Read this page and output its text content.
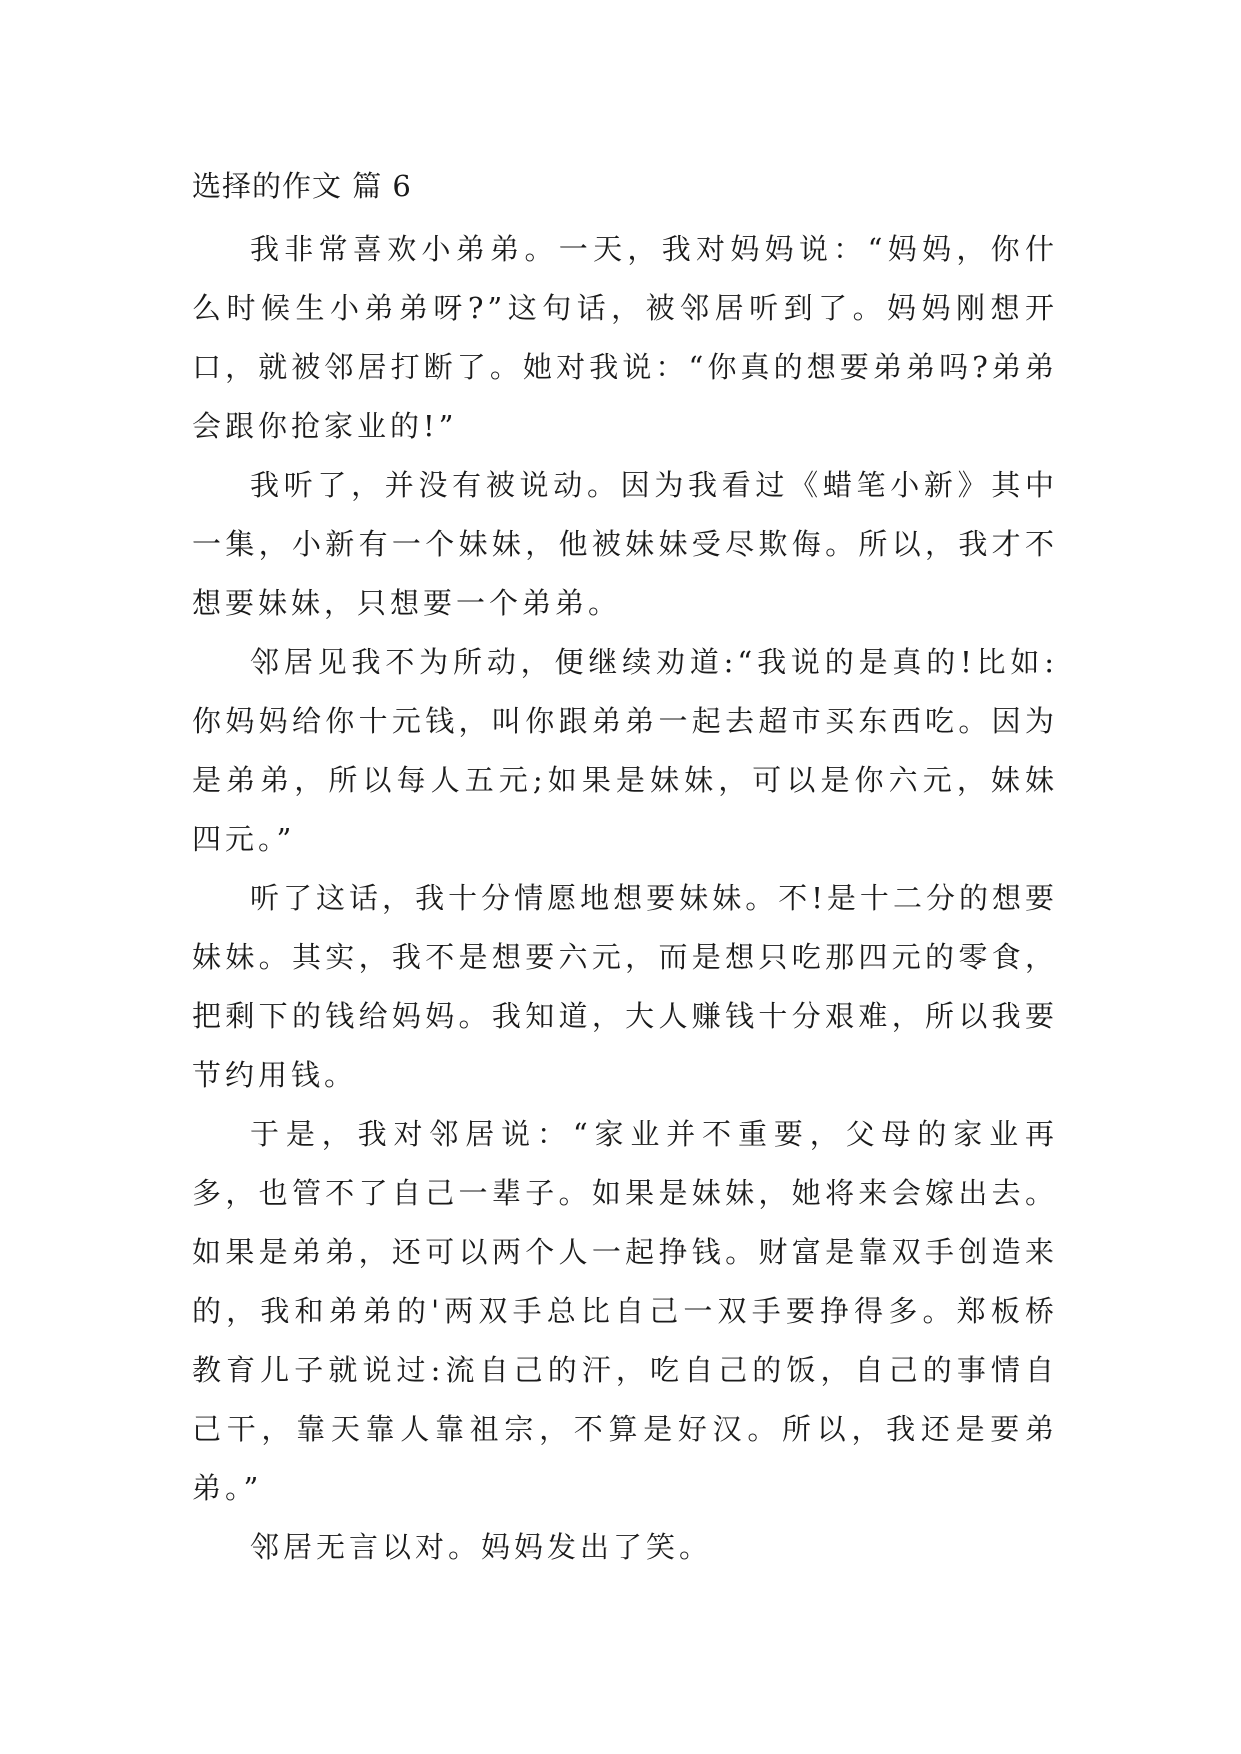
选择的作文 篇 6

我非常喜欢小弟弟。一天，我对妈妈说：“妈妈，你什么时候生小弟弟呀?”这句话，被邻居听到了。妈妈刚想开口，就被邻居打断了。她对我说：“你真的想要弟弟吗?弟弟会跟你抢家业的!”

我听了，并没有被说动。因为我看过《蜡笔小新》其中一集，小新有一个妹妹，他被妹妹受尽欺侮。所以，我才不想要妹妹，只想要一个弟弟。

邻居见我不为所动，便继续劝道:“我说的是真的!比如:你妈妈给你十元钱，叫你跟弟弟一起去超市买东西吃。因为是弟弟，所以每人五元;如果是妹妹，可以是你六元，妹妹四元。”

听了这话，我十分情愿地想要妹妹。不!是十二分的想要妹妹。其实，我不是想要六元，而是想只吃那四元的零食，把剩下的钱给妈妈。我知道，大人赚钱十分艰难，所以我要节约用钱。

于是，我对邻居说：“家业并不重要，父母的家业再多，也管不了自己一辈子。如果是妹妹，她将来会嫁出去。如果是弟弟，还可以两个人一起挣钱。财富是靠双手创造来的，我和弟弟的'两双手总比自己一双手要挣得多。郑板桥教育儿子就说过:流自己的汗，吃自己的饭，自己的事情自己干，靠天靠人靠祖宗，不算是好汉。所以，我还是要弟弟。”

邻居无言以对。妈妈发出了笑。
